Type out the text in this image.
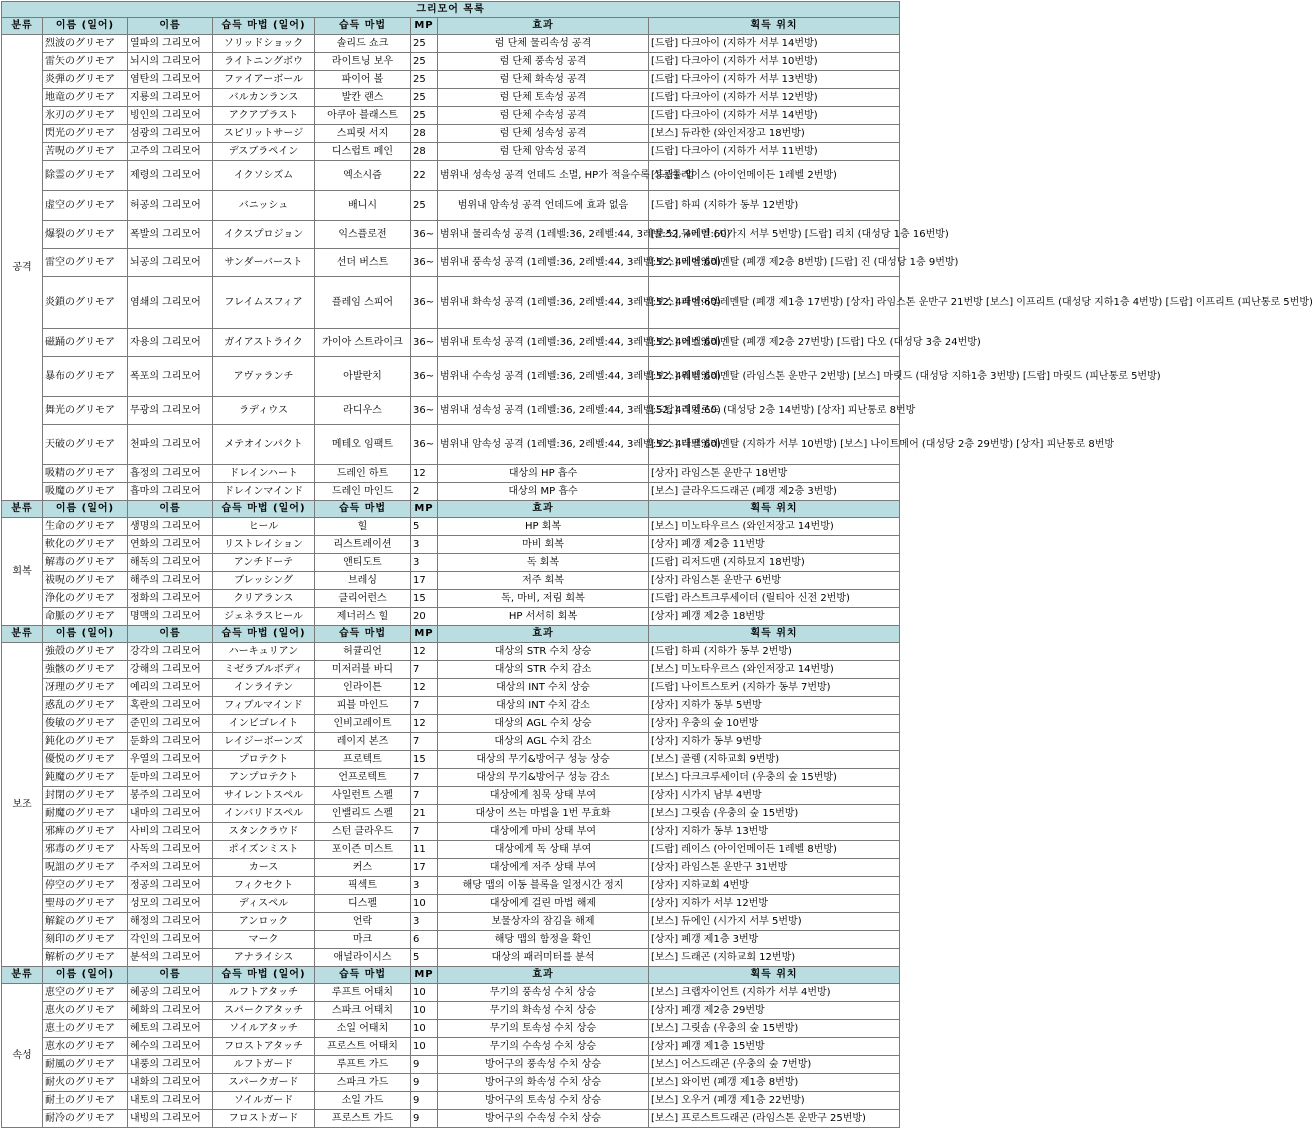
그리모어 목록							
분류	이름 (일어)	이름	습득 마법 (일어)	습득 마법	MP	효과	획득 위치
공격	烈波のグリモア	열파의 그리모어	ソリッドショック	솔리드 쇼크	25	럼 단체 물리속성 공격	[드랍] 다크아이 (지하가 서부 14번방)
	雷矢のグリモア	뇌시의 그리모어	ライトニングボウ	라이트닝 보우	25	럼 단체 풍속성 공격	[드랍] 다크아이 (지하가 서부 10번방)
	炎弾のグリモア	염탄의 그리모어	ファイアーボール	파이어 볼	25	럼 단체 화속성 공격	[드랍] 다크아이 (지하가 서부 13번방)
	地竜のグリモア	지룡의 그리모어	バルカンランス	발칸 랜스	25	럼 단체 토속성 공격	[드랍] 다크아이 (지하가 서부 12번방)
	氷刃のグリモア	빙인의 그리모어	アクアブラスト	아쿠아 블래스트	25	럼 단체 수속성 공격	[드랍] 다크아이 (지하가 서부 14번방)
	閃光のグリモア	섬광의 그리모어	スピリットサージ	스피릿 서지	28	럼 단체 성속성 공격	[보스] 듀라한 (와인저장고 18번방)
	苦呪のグリモア	고주의 그리모어	デスブラペイン	디스럽트 페인	28	럼 단체 암속성 공격	[드랍] 다크아이 (지하가 서부 11번방)
	除霊のグリモア	제령의 그리모어	イクソシズム	엑소시즘	22	범위내 성속성 공격 언데드 소멸, HP가 적을수록 성공률 업	[드랍] 레이스 (아이언메이든 1레벨 2번방)
	虚空のグリモア	허공의 그리모어	バニッシュ	배니시	25	범위내 암속성 공격 언데드에 효과 없음	[드랍] 하피 (지하가 동부 12번방)
	爆裂のグリモア	폭발의 그리모어	イクスプロジョン	익스플로전	36~	범위내 물리속성 공격 (1레벨:36, 2레벨:44, 3레벨:52, 4레벨:60)	[보스] 듀에인 (시가지 서부 5번방) [드랍] 리치 (대성당 1층 16번방)
	雷空のグリモア	뇌공의 그리모어	サンダーバースト	선더 버스트	36~	범위내 풍속성 공격 (1레벨:36, 2레벨:44, 3레벨:52, 4레벨:60)	[보스] 에어엘레멘탈 (폐갱 제2층 8번방) [드랍] 진 (대성당 1층 9번방)
	炎鎖のグリモア	염쇄의 그리모어	フレイムスフィア	플레임 스피어	36~	범위내 화속성 공격 (1레벨:36, 2레벨:44, 3레벨:52, 4레벨:60)	[보스] 파이어엘레멘탈 (폐갱 제1층 17번방) [상자] 라임스톤 운반구 21번방 [보스] 이프리트 (대성당 지하1층 4번방) [드랍] 이프리트 (피난통로 5번방)
	磁踊のグリモア	자용의 그리모어	ガイアストライク	가이아 스트라이크	36~	범위내 토속성 공격 (1레벨:36, 2레벨:44, 3레벨:52, 4레벨:60)	[보스] 어스엘레멘탈 (폐갱 제2층 27번방) [드랍] 다오 (대성당 3층 24번방)
	暴布のグリモア	폭포의 그리모어	アヴァランチ	아발란치	36~	범위내 수속성 공격 (1레벨:36, 2레벨:44, 3레벨:52, 4레벨:60)	[보스] 워터엘레멘탈 (라임스톤 운반구 2번방) [보스] 마릿드 (대성당 지하1층 3번방) [드랍] 마릿드 (피난통로 5번방)
	舞光のグリモア	무광의 그리모어	ラディウス	라디우스	36~	범위내 성속성 공격 (1레벨:36, 2레벨:44, 3레벨:52, 4레벨:60)	[드랍] 리치로드 (대성당 2층 14번방) [상자] 피난통로 8번방
	天破のグリモア	천파의 그리모어	メテオインパクト	메테오 임팩트	36~	범위내 암속성 공격 (1레벨:36, 2레벨:44, 3레벨:52, 4레벨:60)	[보스] 다크엘레멘탈 (지하가 서부 10번방) [보스] 나이트메어 (대성당 2층 29번방) [상자] 피난통로 8번방
	吸精のグリモア	흡정의 그리모어	ドレインハート	드레인 하트	12	대상의 HP 흡수	[상자] 라임스톤 운반구 18번방
	吸魔のグリモア	흡마의 그리모어	ドレインマインド	드레인 마인드	2	대상의 MP 흡수	[보스] 클라우드드래곤 (폐갱 제2층 3번방)
분류	이름 (일어)	이름	습득 마법 (일어)	습득 마법	MP	효과	획득 위치
회복	生命のグリモア	생명의 그리모어	ヒール	힐	5	HP 회복	[보스] 미노타우르스 (와인저장고 14번방)
	軟化のグリモア	연화의 그리모어	リストレイション	리스트레이션	3	마비 회복	[상자] 폐갱 제2층 11번방
	解毒のグリモア	해독의 그리모어	アンチドーテ	앤티도트	3	독 회복	[드랍] 리저드맨 (지하묘지 18번방)
	祓呪のグリモア	해주의 그리모어	ブレッシング	브레싱	17	저주 회복	[상자] 라임스톤 운반구 6번방
	浄化のグリモア	정화의 그리모어	クリアランス	클리어런스	15	독, 마비, 저림 회복	[드랍] 라스트크루세이더 (릴티아 신전 2번방)
	命脈のグリモア	명맥의 그리모어	ジェネラスヒール	제너러스 힐	20	HP 서서히 회복	[상자] 폐갱 제2층 18번방
분류	이름 (일어)	이름	습득 마법 (일어)	습득 마법	MP	효과	획득 위치
보조	強殻のグリモア	강각의 그리모어	ハーキュリアン	허큘리언	12	대상의 STR 수치 상승	[드랍] 하피 (지하가 동부 2번방)
	強骸のグリモア	강해의 그리모어	ミゼラブルボディ	미저러블 바디	7	대상의 STR 수치 감소	[보스] 미노타우르스 (와인저장고 14번방)
	冴理のグリモア	예리의 그리모어	インライテン	인라이튼	12	대상의 INT 수치 상승	[드랍] 나이트스토커 (지하가 동부 7번방)
	惑乱のグリモア	혹란의 그리모어	フィブルマインド	피블 마인드	7	대상의 INT 수치 감소	[상자] 지하가 동부 5번방
	俊敏のグリモア	준민의 그리모어	インビゴレイト	인비고레이트	12	대상의 AGL 수치 상승	[상자] 우충의 숲 10번방
	鈍化のグリモア	둔화의 그리모어	レイジーボーンズ	레이지 본즈	7	대상의 AGL 수치 감소	[상자] 지하가 동부 9번방
	優悦のグリモア	우열의 그리모어	プロテクト	프로텍트	15	대상의 무기&방어구 성능 상승	[보스] 골렘 (지하교회 9번방)
	鈍魔のグリモア	둔마의 그리모어	アンプロテクト	언프로텍트	7	대상의 무기&방어구 성능 감소	[보스] 다크크루세이더 (우충의 숲 15번방)
	封閉のグリモア	봉주의 그리모어	サイレントスペル	사일런트 스펠	7	대상에게 침묵 상태 부여	[상자] 시가지 남부 4번방
	耐魔のグリモア	내마의 그리모어	インバリドスペル	인밸리드 스펠	21	대상이 쓰는 마법을 1번 무효화	[보스] 그릿솜 (우충의 숲 15번방)
	邪痺のグリモア	사비의 그리모어	スタンクラウド	스턴 클라우드	7	대상에게 마비 상태 부여	[상자] 지하가 동부 13번방
	邪毒のグリモア	사독의 그리모어	ポイズンミスト	포이즌 미스트	11	대상에게 독 상태 부여	[드랍] 레이스 (아이언메이든 1레벨 8번방)
	呪詛のグリモア	주저의 그리모어	カース	커스	17	대상에게 저주 상태 부여	[상자] 라임스톤 운반구 31번방
	停空のグリモア	정공의 그리모어	フィクセクト	픽섹트	3	해당 맵의 이동 블록을 일정시간 정지	[상자] 지하교회 4번방
	聖母のグリモア	성모의 그리모어	ディスペル	디스펠	10	대상에게 걸린 마법 해제	[상자] 지하가 서부 12번방
	解錠のグリモア	해정의 그리모어	アンロック	언락	3	보물상자의 잠김을 해제	[보스] 듀에인 (시가지 서부 5번방)
	刻印のグリモア	각인의 그리모어	マーク	마크	6	해당 맵의 함정을 확인	[상자] 폐갱 제1층 3번방
	解析のグリモア	분석의 그리모어	アナライシス	애널라이시스	5	대상의 패러미터를 분석	[보스] 드래곤 (지하교회 12번방)
분류	이름 (일어)	이름	습득 마법 (일어)	습득 마법	MP	효과	획득 위치
속성	恵空のグリモア	혜공의 그리모어	ルフトアタッチ	루프트 어태치	10	무기의 풍속성 수치 상승	[보스] 크랩자이언트 (지하가 서부 4번방)
	恵火のグリモア	혜화의 그리모어	スパークアタッチ	스파크 어태치	10	무기의 화속성 수치 상승	[상자] 폐갱 제2층 29번방
	恵土のグリモア	혜토의 그리모어	ソイルアタッチ	소일 어태치	10	무기의 토속성 수치 상승	[보스] 그릿솜 (우충의 숲 15번방)
	恵水のグリモア	혜수의 그리모어	フロストアタッチ	프로스트 어태치	10	무기의 수속성 수치 상승	[상자] 폐갱 제1층 15번방
	耐風のグリモア	내풍의 그리모어	ルフトガード	루프트 가드	9	방어구의 풍속성 수치 상승	[보스] 어스드래곤 (우충의 숲 7번방)
	耐火のグリモア	내화의 그리모어	スパークガード	스파크 가드	9	방어구의 화속성 수치 상승	[보스] 와이번 (폐갱 제1층 8번방)
	耐土のグリモア	내토의 그리모어	ソイルガード	소일 가드	9	방어구의 토속성 수치 상승	[보스] 오우거 (폐갱 제1층 22번방)
	耐冷のグリモア	내빙의 그리모어	フロストガード	프로스트 가드	9	방어구의 수속성 수치 상승	[보스] 프로스트드래곤 (라임스톤 운반구 25번방)
